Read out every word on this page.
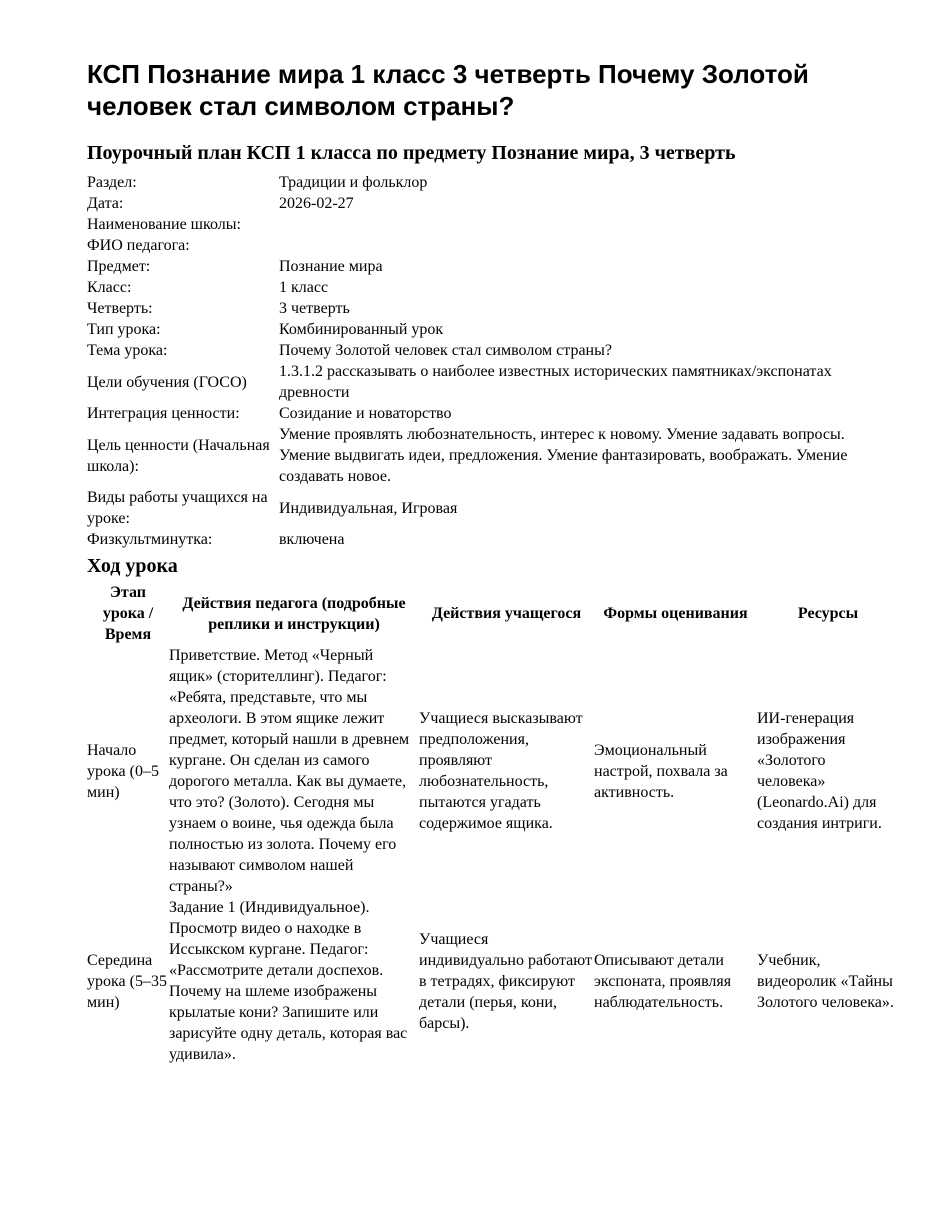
КСП Познание мира 1 класс 3 четверть Почему Золотой человек стал символом страны?
Поурочный план КСП 1 класса по предмету Познание мира, 3 четверть
Раздел:	Традиции и фольклор
Дата:	2026-02-27
Наименование школы:	
ФИО педагога:	
Предмет:	Познание мира
Класс:	1 класс
Четверть:	3 четверть
Тип урока:	Комбинированный урок
Тема урока:	Почему Золотой человек стал символом страны?
Цели обучения (ГОСО)	1.3.1.2 рассказывать о наиболее известных исторических памятниках/экспонатах древности
Интеграция ценности:	Созидание и новаторство
Цель ценности (Начальная школа):	Умение проявлять любознательность, интерес к новому. Умение задавать вопросы. Умение выдвигать идеи, предложения. Умение фантазировать, воображать. Умение создавать новое.
Виды работы учащихся на уроке:	Индивидуальная, Игровая
Физкультминутка:	включена
Ход урока
Этап урока / Время	Действия педагога (подробные реплики и инструкции)	Действия учащегося	Формы оценивания	Ресурсы
Начало урока (0–5 мин)	Приветствие. Метод «Черный ящик» (сторителлинг). Педагог: «Ребята, представьте, что мы археологи. В этом ящике лежит предмет, который нашли в древнем кургане. Он сделан из самого дорогого металла. Как вы думаете, что это? (Золото). Сегодня мы узнаем о воине, чья одежда была полностью из золота. Почему его называют символом нашей страны?»	Учащиеся высказывают предположения, проявляют любознательность, пытаются угадать содержимое ящика.	Эмоциональный настрой, похвала за активность.	ИИ-генерация изображения «Золотого человека» (Leonardo.Ai) для создания интриги.
Середина урока (5–35 мин)	Задание 1 (Индивидуальное). Просмотр видео о находке в Иссыкском кургане. Педагог: «Рассмотрите детали доспехов. Почему на шлеме изображены крылатые кони? Запишите или зарисуйте одну деталь, которая вас удивила».	Учащиеся индивидуально работают в тетрадях, фиксируют детали (перья, кони, барсы).	Описывают детали экспоната, проявляя наблюдательность.	Учебник, видеоролик «Тайны Золотого человека».
